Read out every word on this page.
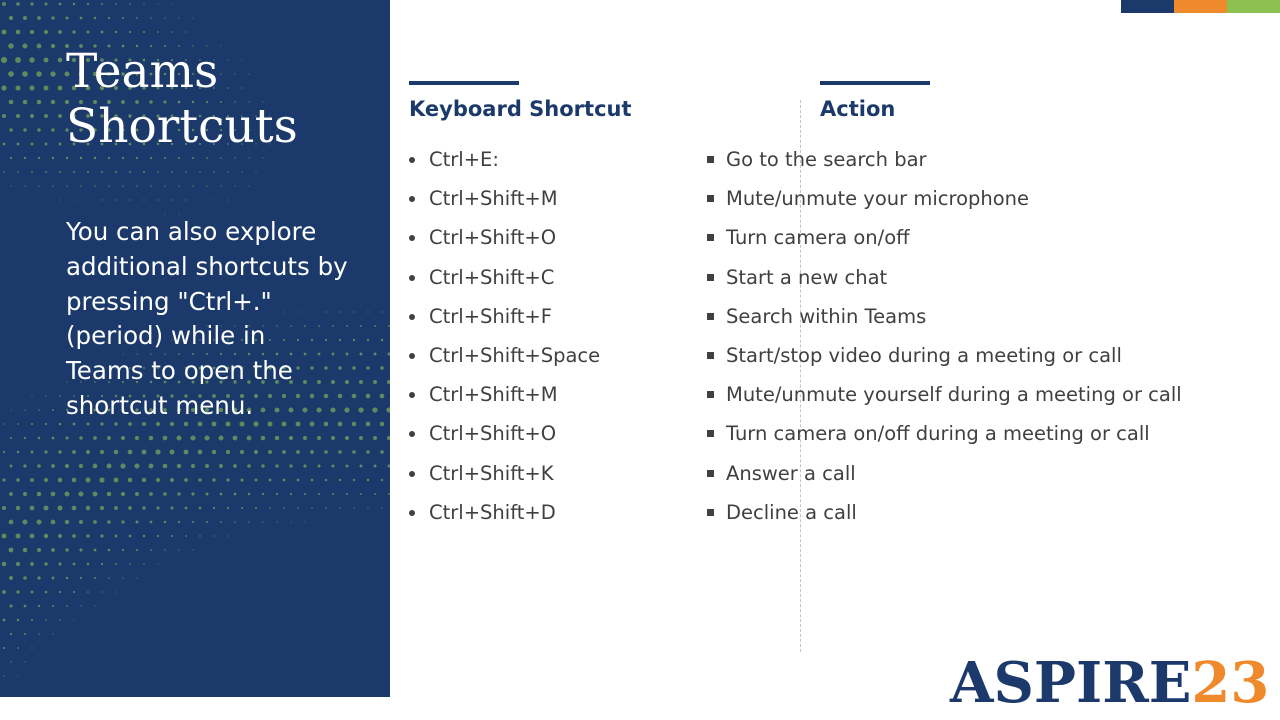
Teams
Shortcuts

You can also explore
additional shortcuts by
pressing "Ctrl+."
(period) while in
Teams to open the
shortcut menu.

Keyboard Shortcut	Action
Ctrl+E:
Ctrl+Shift+M
Ctrl+Shift+O
Ctrl+Shift+C
Ctrl+Shift+F
Ctrl+Shift+Space
Ctrl+Shift+M
Ctrl+Shift+O
Ctrl+Shift+K
Ctrl+Shift+D
Go to the search bar
Mute/unmute your microphone
Turn camera on/off
Start a new chat
Search within Teams
Start/stop video during a meeting or call
Mute/unmute yourself during a meeting or call
Turn camera on/off during a meeting or call
Answer a call
Decline a call
ASPIRE23
